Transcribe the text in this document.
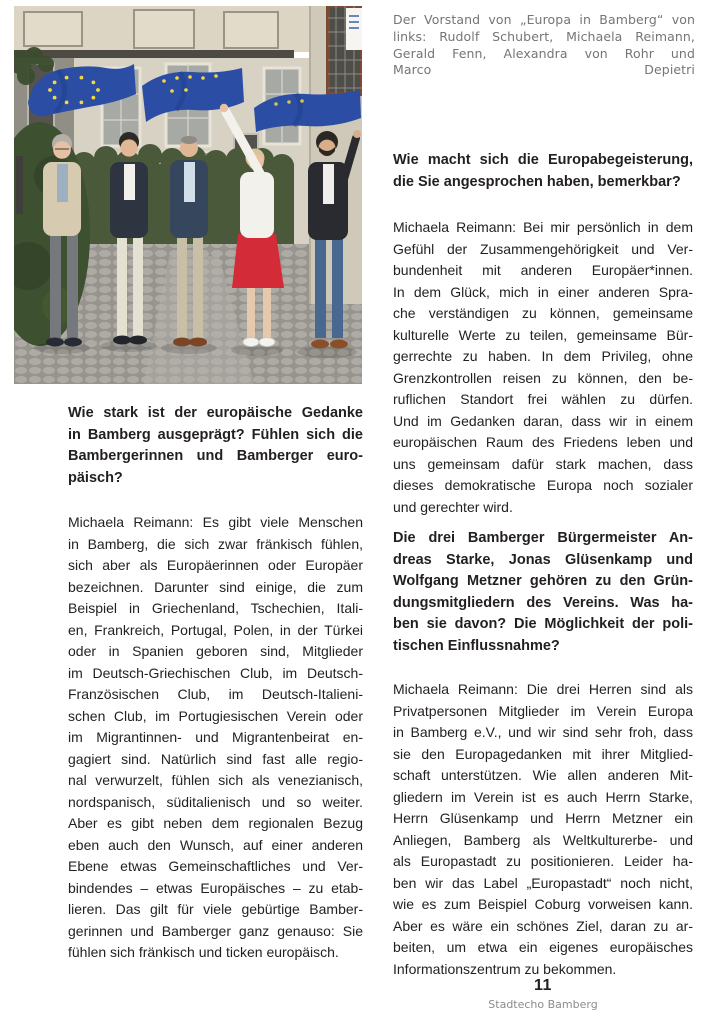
Der Vorstand von „Europa in Bamberg“ von
links: Rudolf Schubert, Michaela Reimann,
Gerald Fenn, Alexandra von Rohr und
Marco Depietri
Wie stark ist der europäische Gedanke
in Bamberg ausgeprägt? Fühlen sich die
Bambergerinnen und Bamberger euro-
päisch?
Michaela Reimann: Es gibt viele Menschen
in Bamberg, die sich zwar fränkisch fühlen,
sich aber als Europäerinnen oder Europäer
bezeichnen. Darunter sind einige, die zum
Beispiel in Griechenland, Tschechien, Itali-
en, Frankreich, Portugal, Polen, in der Türkei
oder in Spanien geboren sind, Mitglieder
im Deutsch-Griechischen Club, im Deutsch-
Französischen Club, im Deutsch-Italieni-
schen Club, im Portugiesischen Verein oder
im Migrantinnen- und Migrantenbeirat en-
gagiert sind. Natürlich sind fast alle regio-
nal verwurzelt, fühlen sich als venezianisch,
nordspanisch, süditalienisch und so weiter.
Aber es gibt neben dem regionalen Bezug
eben auch den Wunsch, auf einer anderen
Ebene etwas Gemeinschaftliches und Ver-
bindendes – etwas Europäisches – zu etab-
lieren. Das gilt für viele gebürtige Bamber-
gerinnen und Bamberger ganz genauso: Sie
fühlen sich fränkisch und ticken europäisch.
Wie macht sich die Europabegeisterung,
die Sie angesprochen haben, bemerkbar?
Michaela Reimann: Bei mir persönlich in dem
Gefühl der Zusammengehörigkeit und Ver-
bundenheit mit anderen Europäer*innen.
In dem Glück, mich in einer anderen Spra-
che verständigen zu können, gemeinsame
kulturelle Werte zu teilen, gemeinsame Bür-
gerrechte zu haben. In dem Privileg, ohne
Grenzkontrollen reisen zu können, den be-
ruflichen Standort frei wählen zu dürfen.
Und im Gedanken daran, dass wir in einem
europäischen Raum des Friedens leben und
uns gemeinsam dafür stark machen, dass
dieses demokratische Europa noch sozialer
und gerechter wird.
Die drei Bamberger Bürgermeister An-
dreas Starke, Jonas Glüsenkamp und
Wolfgang Metzner gehören zu den Grün-
dungsmitgliedern des Vereins. Was ha-
ben sie davon? Die Möglichkeit der poli-
tischen Einflussnahme?
Michaela Reimann: Die drei Herren sind als
Privatpersonen Mitglieder im Verein Europa
in Bamberg e.V., und wir sind sehr froh, dass
sie den Europagedanken mit ihrer Mitglied-
schaft unterstützen. Wie allen anderen Mit-
gliedern im Verein ist es auch Herrn Starke,
Herrn Glüsenkamp und Herrn Metzner ein
Anliegen, Bamberg als Weltkulturerbe- und
als Europastadt zu positionieren. Leider ha-
ben wir das Label „Europastadt“ noch nicht,
wie es zum Beispiel Coburg vorweisen kann.
Aber es wäre ein schönes Ziel, daran zu ar-
beiten, um etwa ein eigenes europäisches
Informationszentrum zu bekommen.
11
Stadtecho Bamberg
